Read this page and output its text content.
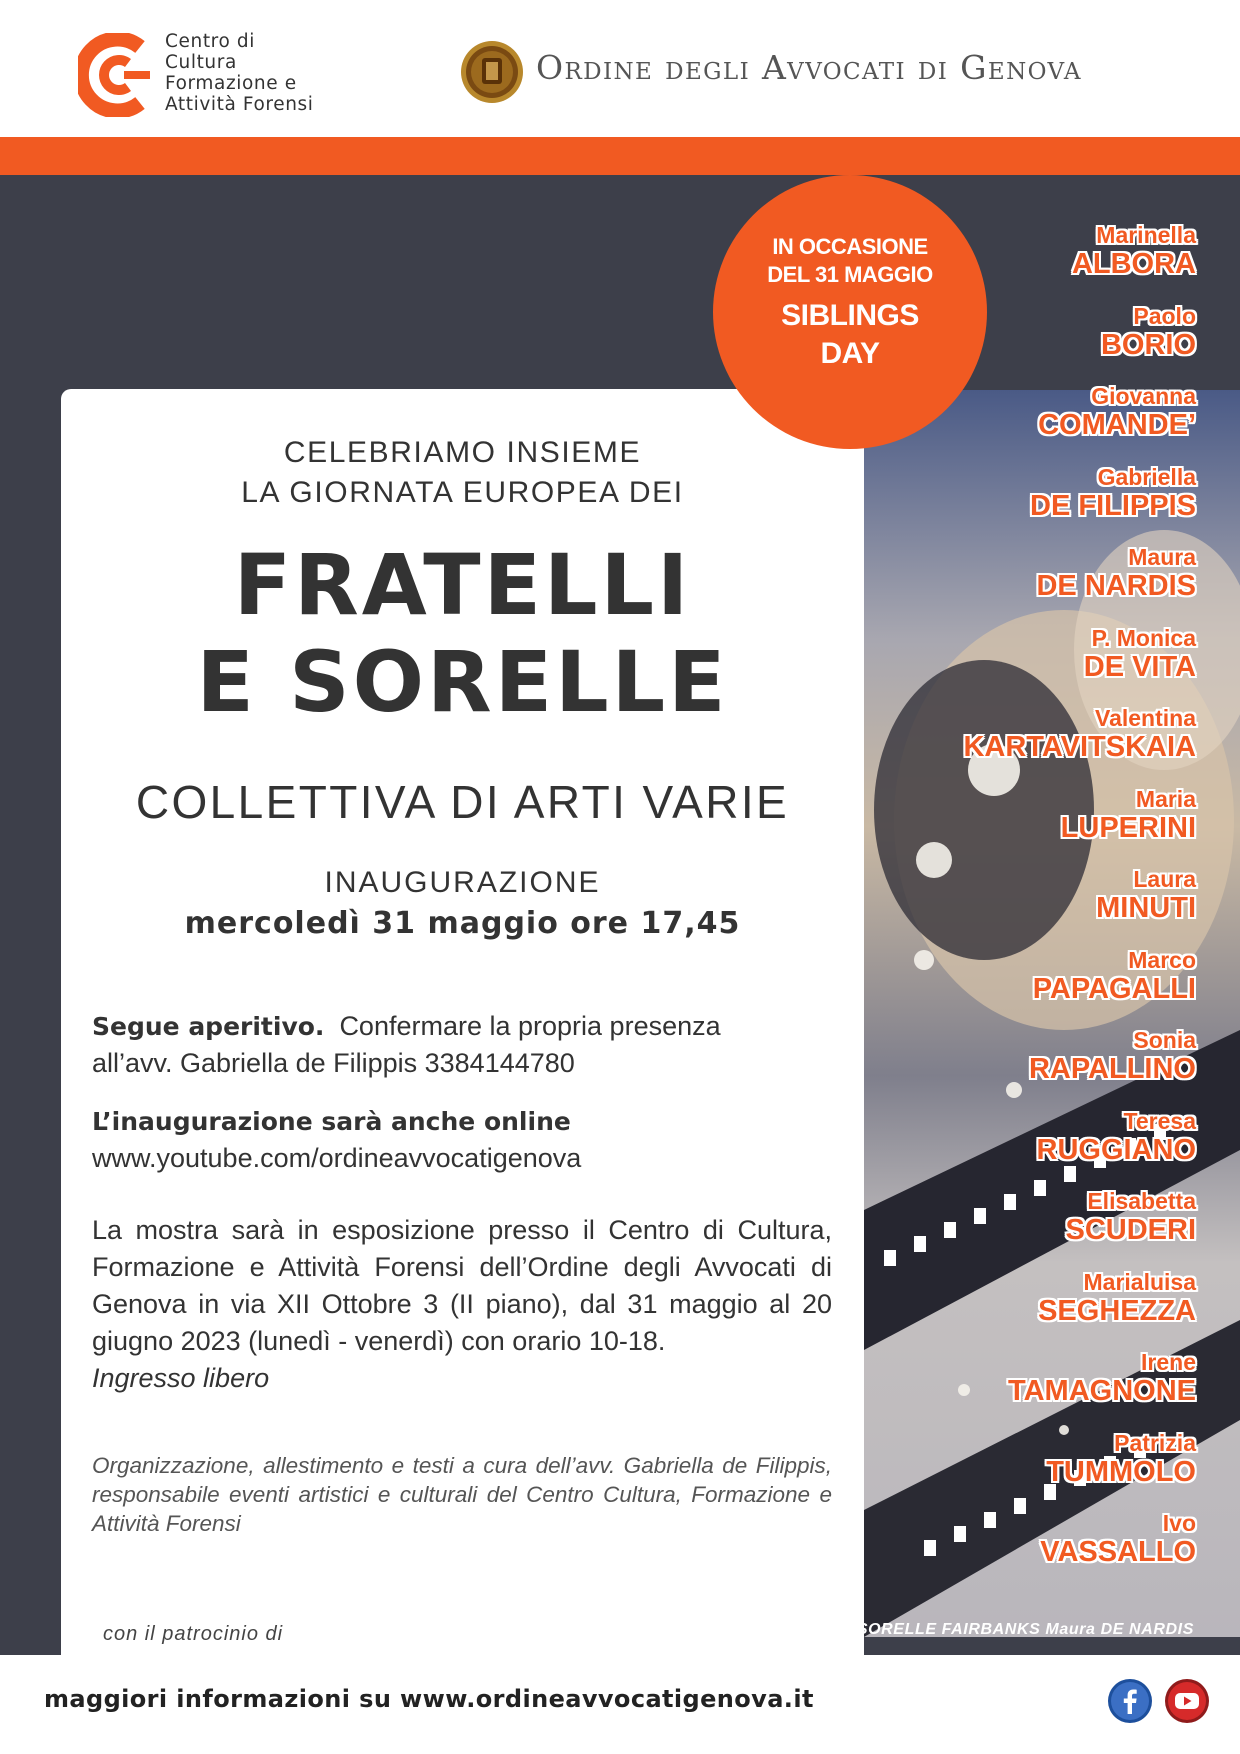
Centro di
Cultura
Formazione e
Attività Forensi
Ordine degli Avvocati di Genova
CELEBRIAMO INSIEME
LA GIORNATA EUROPEA DEI
FRATELLI
E SORELLE
COLLETTIVA DI ARTI VARIE
INAUGURAZIONE
mercoledì 31 maggio ore 17,45
Segue aperitivo. Confermare la propria presenza
all’avv. Gabriella de Filippis 3384144780
L’inaugurazione sarà anche online
www.youtube.com/ordineavvocatigenova
La mostra sarà in esposizione presso il Centro di Cultura, Formazione e Attività Forensi dell’Ordine degli Avvocati di Genova in via XII Ottobre 3 (II piano), dal 31 maggio al 20 giugno 2023 (lunedì - venerdì) con orario 10-18.
Ingresso libero
Organizzazione, allestimento e testi a cura dell’avv. Gabriella de Filippis, responsabile eventi artistici e culturali del Centro Cultura, Formazione e Attività Forensi
con il patrocinio di
IN OCCASIONE
DEL 31 MAGGIO
SIBLINGS
DAY
Marinella
ALBORA
Paolo
BORIO
Giovanna
COMANDE’
Gabriella
DE FILIPPIS
Maura
DE NARDIS
P. Monica
DE VITA
Valentina
KARTAVITSKAIA
Maria
LUPERINI
Laura
MINUTI
Marco
PAPAGALLI
Sonia
RAPALLINO
Teresa
RUGGIANO
Elisabetta
SCUDERI
Marialuisa
SEGHEZZA
Irene
TAMAGNONE
Patrizia
TUMMOLO
Ivo
VASSALLO
SORELLE FAIRBANKS Maura DE NARDIS
maggiori informazioni su www.ordineavvocatigenova.it
